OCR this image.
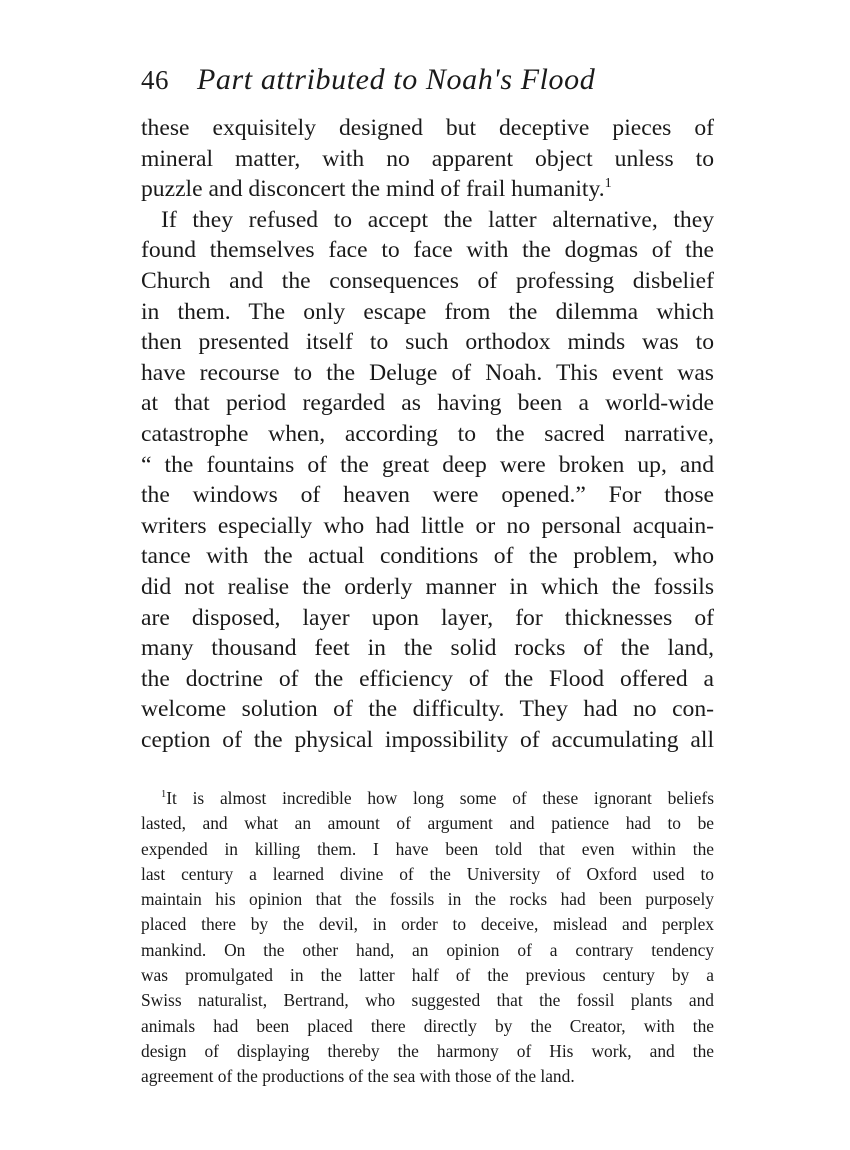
46 Part attributed to Noah's Flood
these exquisitely designed but deceptive pieces of
mineral matter, with no apparent object unless to
puzzle and disconcert the mind of frail humanity.$^1$
If they refused to accept the latter alternative, they
found themselves face to face with the dogmas of the
Church and the consequences of professing disbelief
in them. The only escape from the dilemma which
then presented itself to such orthodox minds was to
have recourse to the Deluge of Noah. This event was
at that period regarded as having been a world-wide
catastrophe when, according to the sacred narrative,
“ the fountains of the great deep were broken up, and
the windows of heaven were opened.” For those
writers especially who had little or no personal acquain-
tance with the actual conditions of the problem, who
did not realise the orderly manner in which the fossils
are disposed, layer upon layer, for thicknesses of
many thousand feet in the solid rocks of the land,
the doctrine of the efficiency of the Flood offered a
welcome solution of the difficulty. They had no con-
ception of the physical impossibility of accumulating all
$^1$It is almost incredible how long some of these ignorant beliefs
lasted, and what an amount of argument and patience had to be
expended in killing them. I have been told that even within the
last century a learned divine of the University of Oxford used to
maintain his opinion that the fossils in the rocks had been purposely
placed there by the devil, in order to deceive, mislead and perplex
mankind. On the other hand, an opinion of a contrary tendency
was promulgated in the latter half of the previous century by a
Swiss naturalist, Bertrand, who suggested that the fossil plants and
animals had been placed there directly by the Creator, with the
design of displaying thereby the harmony of His work, and the
agreement of the productions of the sea with those of the land.
